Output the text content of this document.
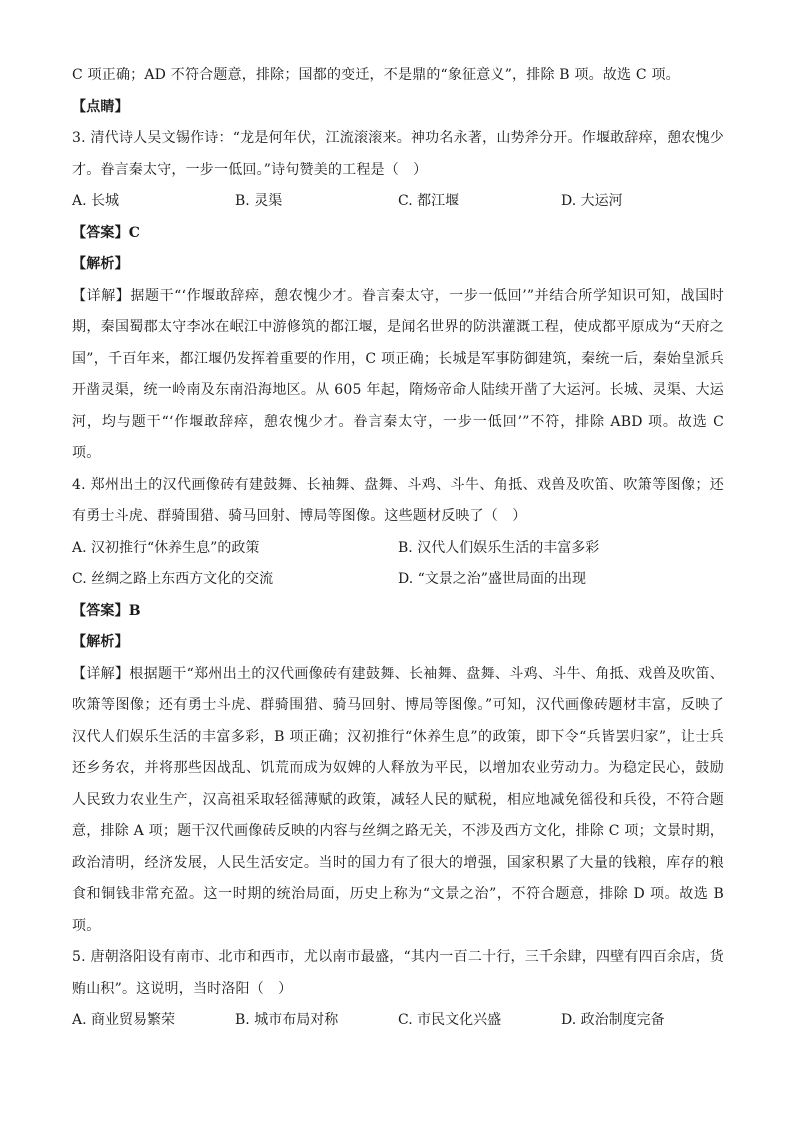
C 项正确；AD 不符合题意，排除；国都的变迁，不是鼎的“象征意义”，排除 B 项。故选 C 项。

【点睛】

3. 清代诗人吴文锡作诗：“龙是何年伏，江流滚滚来。神功名永著，山势斧分开。作堰敢辞瘁，憩农愧少才。眷言秦太守，一步一低回。”诗句赞美的工程是（　）

A. 长城	B. 灵渠	C. 都江堰	D. 大运河

【答案】C

【解析】

【详解】据题干“‘作堰敢辞瘁，憩农愧少才。眷言秦太守，一步一低回’”并结合所学知识可知，战国时期，秦国蜀郡太守李冰在岷江中游修筑的都江堰，是闻名世界的防洪灌溉工程，使成都平原成为“天府之国”，千百年来，都江堰仍发挥着重要的作用，C 项正确；长城是军事防御建筑，秦统一后，秦始皇派兵开凿灵渠，统一岭南及东南沿海地区。从 605 年起，隋炀帝命人陆续开凿了大运河。长城、灵渠、大运河，均与题干“‘作堰敢辞瘁，憩农愧少才。眷言秦太守，一步一低回’”不符，排除 ABD 项。故选 C 项。

4. 郑州出土的汉代画像砖有建鼓舞、长袖舞、盘舞、斗鸡、斗牛、角抵、戏兽及吹笛、吹箫等图像；还有勇士斗虎、群骑围猎、骑马回射、博局等图像。这些题材反映了（　）

A. 汉初推行“休养生息”的政策	B. 汉代人们娱乐生活的丰富多彩
C. 丝绸之路上东西方文化的交流	D. “文景之治”盛世局面的出现

【答案】B

【解析】

【详解】根据题干“郑州出土的汉代画像砖有建鼓舞、长袖舞、盘舞、斗鸡、斗牛、角抵、戏兽及吹笛、吹箫等图像；还有勇士斗虎、群骑围猎、骑马回射、博局等图像。”可知，汉代画像砖题材丰富，反映了汉代人们娱乐生活的丰富多彩，B 项正确；汉初推行“休养生息”的政策，即下令“兵皆罢归家”，让士兵还乡务农，并将那些因战乱、饥荒而成为奴婢的人释放为平民，以增加农业劳动力。为稳定民心，鼓励人民致力农业生产，汉高祖采取轻徭薄赋的政策，减轻人民的赋税，相应地减免徭役和兵役，不符合题意，排除 A 项；题干汉代画像砖反映的内容与丝绸之路无关，不涉及西方文化，排除 C 项；文景时期，政治清明，经济发展，人民生活安定。当时的国力有了很大的增强，国家积累了大量的钱粮，库存的粮食和铜钱非常充盈。这一时期的统治局面，历史上称为“文景之治”，不符合题意，排除 D 项。故选 B 项。

5. 唐朝洛阳设有南市、北市和西市，尤以南市最盛，“其内一百二十行，三千余肆，四壁有四百余店，货贿山积”。这说明，当时洛阳（　）

A. 商业贸易繁荣	B. 城市布局对称	C. 市民文化兴盛	D. 政治制度完备
